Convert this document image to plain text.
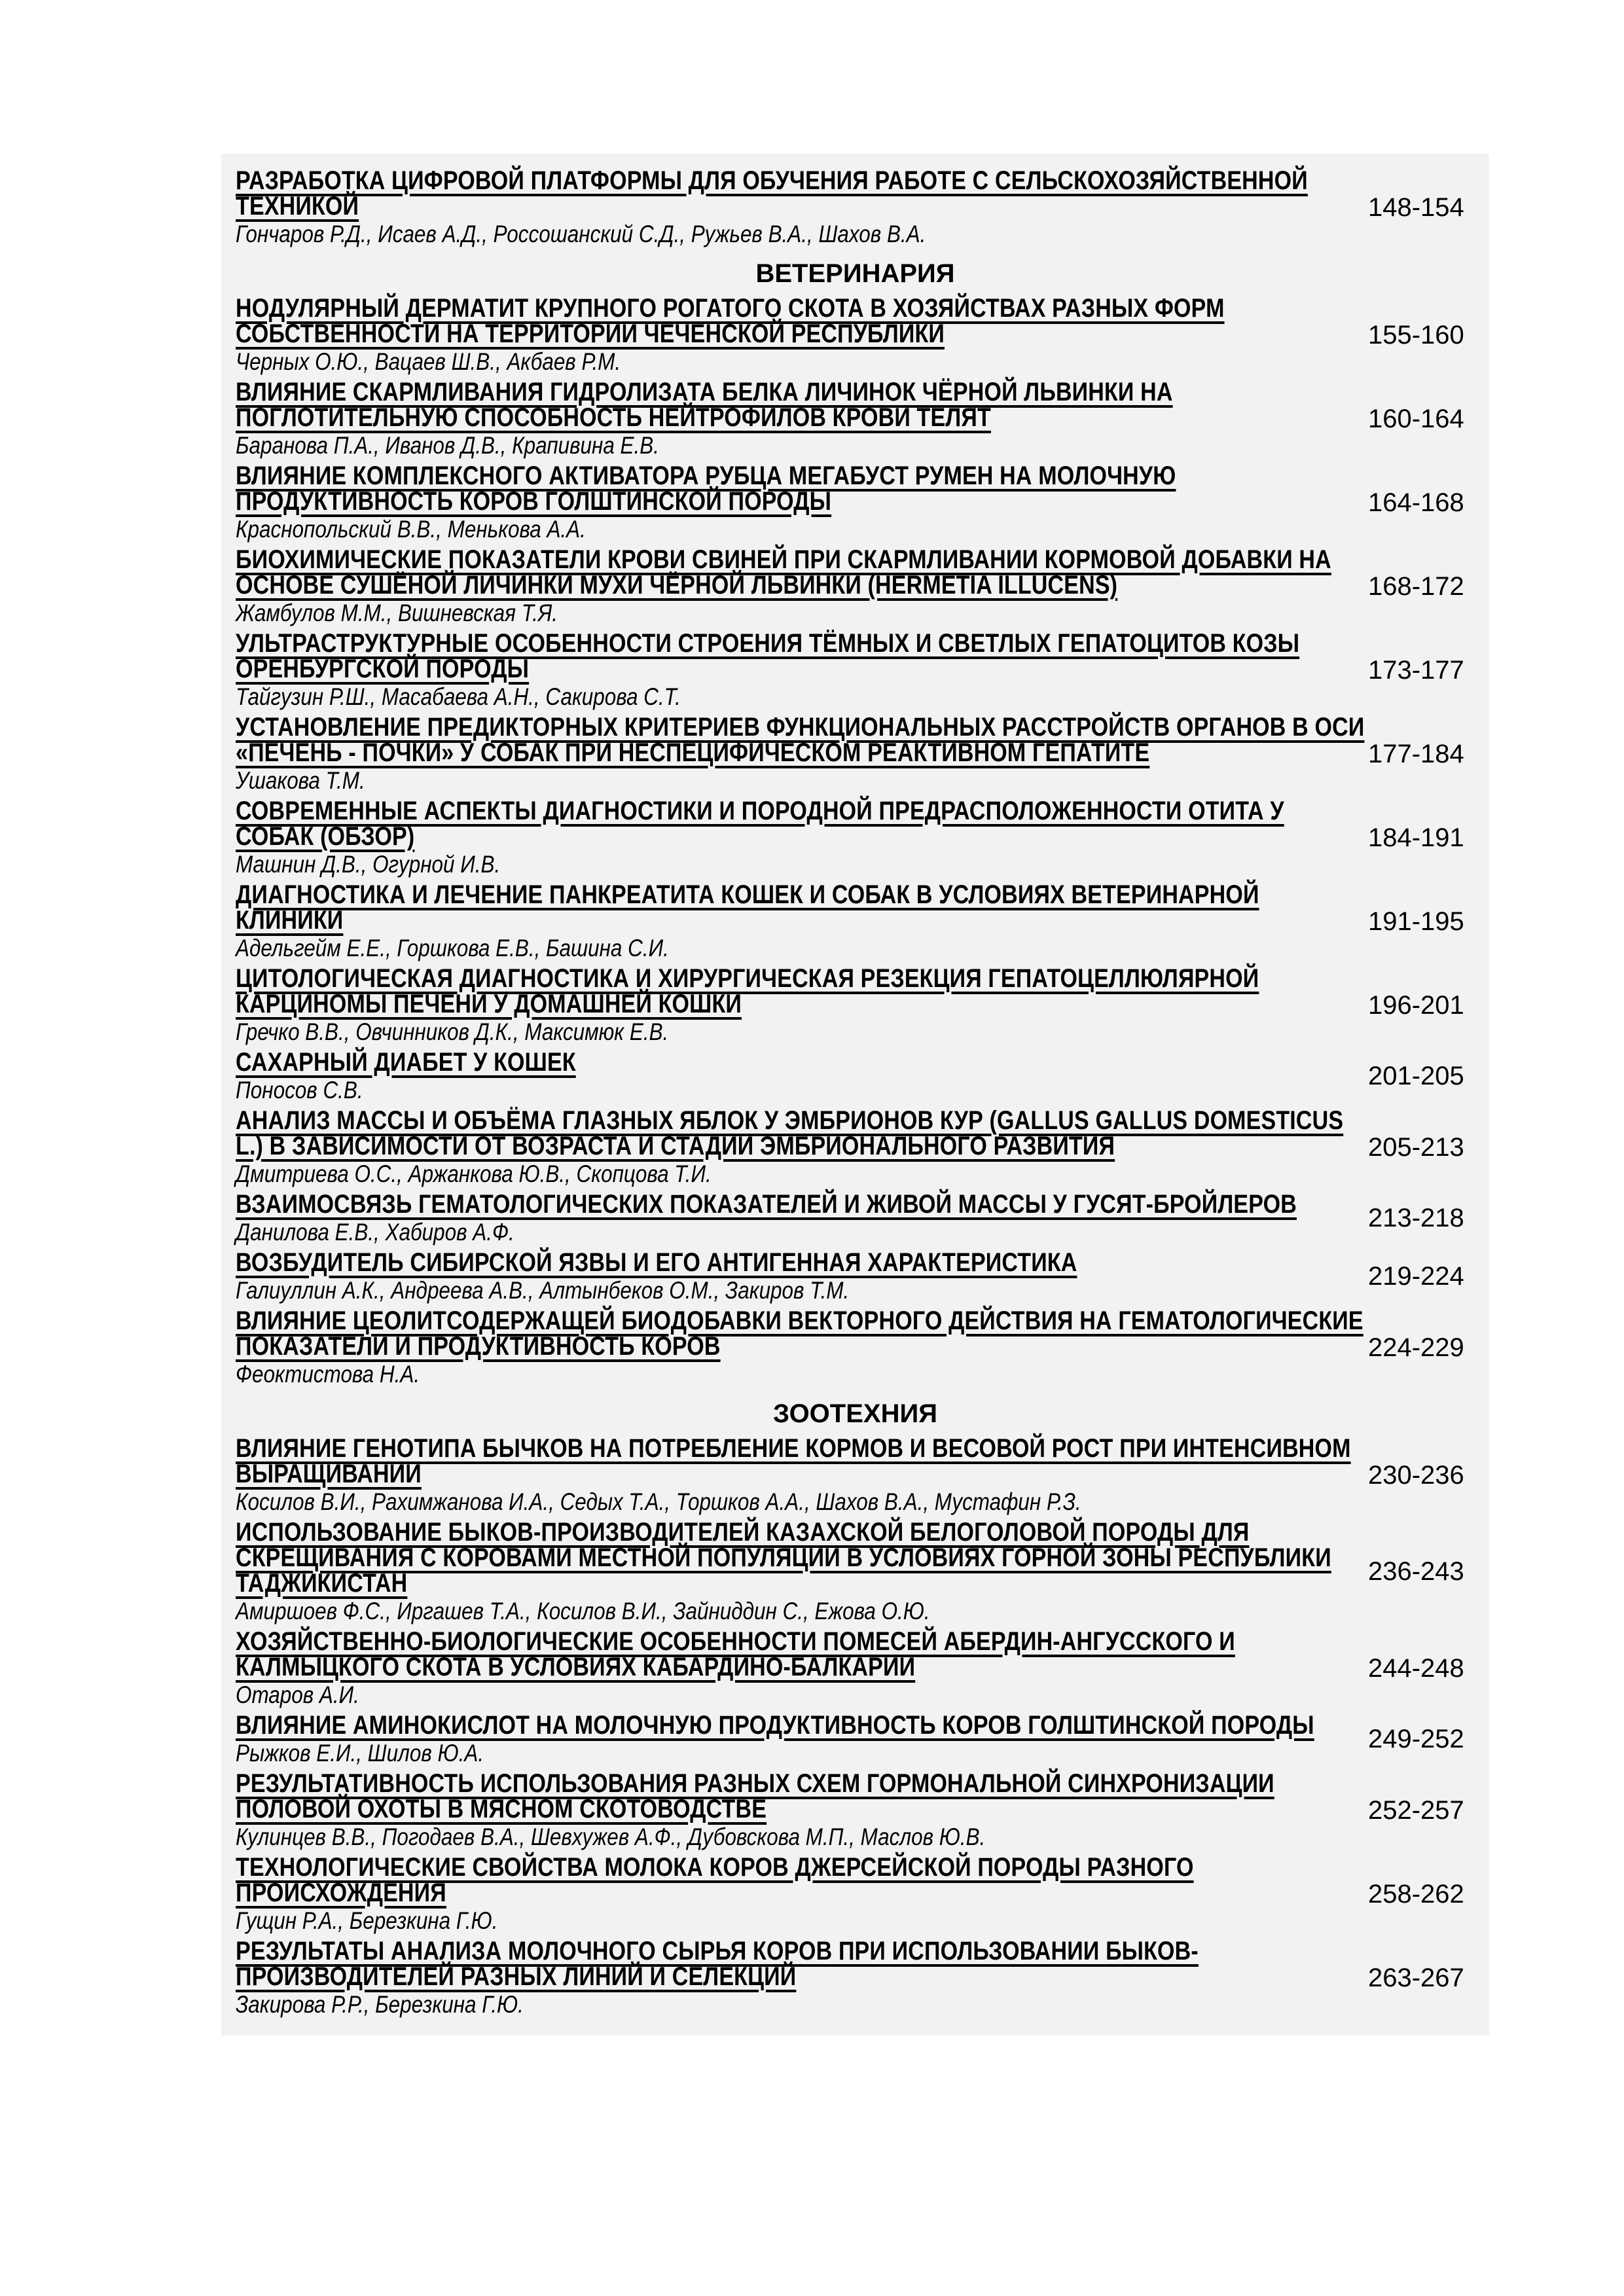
РАЗРАБОТКА ЦИФРОВОЙ ПЛАТФОРМЫ ДЛЯ ОБУЧЕНИЯ РАБОТЕ С СЕЛЬСКОХОЗЯЙСТВЕННОЙ ТЕХНИКОЙ
Гончаров Р.Д., Исаев А.Д., Россошанский С.Д., Ружьев В.А., Шахов В.А.
148-154
ВЕТЕРИНАРИЯ
НОДУЛЯРНЫЙ ДЕРМАТИТ КРУПНОГО РОГАТОГО СКОТА В ХОЗЯЙСТВАХ РАЗНЫХ ФОРМ СОБСТВЕННОСТИ НА ТЕРРИТОРИИ ЧЕЧЕНСКОЙ РЕСПУБЛИКИ
Черных О.Ю., Вацаев Ш.В., Акбаев Р.М.
155-160
ВЛИЯНИЕ СКАРМЛИВАНИЯ ГИДРОЛИЗАТА БЕЛКА ЛИЧИНОК ЧЁРНОЙ ЛЬВИНКИ НА ПОГЛОТИТЕЛЬНУЮ СПОСОБНОСТЬ НЕЙТРОФИЛОВ КРОВИ ТЕЛЯТ
Баранова П.А., Иванов Д.В., Крапивина Е.В.
160-164
ВЛИЯНИЕ КОМПЛЕКСНОГО АКТИВАТОРА РУБЦА МЕГАБУСТ РУМЕН НА МОЛОЧНУЮ ПРОДУКТИВНОСТЬ КОРОВ ГОЛШТИНСКОЙ ПОРОДЫ
Краснопольский В.В., Менькова А.А.
164-168
БИОХИМИЧЕСКИЕ ПОКАЗАТЕЛИ КРОВИ СВИНЕЙ ПРИ СКАРМЛИВАНИИ КОРМОВОЙ ДОБАВКИ НА ОСНОВЕ СУШЁНОЙ ЛИЧИНКИ МУХИ ЧЁРНОЙ ЛЬВИНКИ (HERMETIA ILLUCENS)
Жамбулов М.М., Вишневская Т.Я.
168-172
УЛЬТРАСТРУКТУРНЫЕ ОСОБЕННОСТИ СТРОЕНИЯ ТЁМНЫХ И СВЕТЛЫХ ГЕПАТОЦИТОВ КОЗЫ ОРЕНБУРГСКОЙ ПОРОДЫ
Тайгузин Р.Ш., Масабаева А.Н., Сакирова С.Т.
173-177
УСТАНОВЛЕНИЕ ПРЕДИКТОРНЫХ КРИТЕРИЕВ ФУНКЦИОНАЛЬНЫХ РАССТРОЙСТВ ОРГАНОВ В ОСИ «ПЕЧЕНЬ - ПОЧКИ» У СОБАК ПРИ НЕСПЕЦИФИЧЕСКОМ РЕАКТИВНОМ ГЕПАТИТЕ
Ушакова Т.М.
177-184
СОВРЕМЕННЫЕ АСПЕКТЫ ДИАГНОСТИКИ И ПОРОДНОЙ ПРЕДРАСПОЛОЖЕННОСТИ ОТИТА У СОБАК (ОБЗОР)
Машнин Д.В., Огурной И.В.
184-191
ДИАГНОСТИКА И ЛЕЧЕНИЕ ПАНКРЕАТИТА КОШЕК И СОБАК В УСЛОВИЯХ ВЕТЕРИНАРНОЙ КЛИНИКИ
Адельгейм Е.Е., Горшкова Е.В., Башина С.И.
191-195
ЦИТОЛОГИЧЕСКАЯ ДИАГНОСТИКА И ХИРУРГИЧЕСКАЯ РЕЗЕКЦИЯ ГЕПАТОЦЕЛЛЮЛЯРНОЙ КАРЦИНОМЫ ПЕЧЕНИ У ДОМАШНЕЙ КОШКИ
Гречко В.В., Овчинников Д.К., Максимюк Е.В.
196-201
САХАРНЫЙ ДИАБЕТ У КОШЕК
Поносов С.В.	201-205
АНАЛИЗ МАССЫ И ОБЪЁМА ГЛАЗНЫХ ЯБЛОК У ЭМБРИОНОВ КУР (GALLUS GALLUS DOMESTICUS L.) В ЗАВИСИМОСТИ ОТ ВОЗРАСТА И СТАДИИ ЭМБРИОНАЛЬНОГО РАЗВИТИЯ
Дмитриева О.С., Аржанкова Ю.В., Скопцова Т.И.
205-213
ВЗАИМОСВЯЗЬ ГЕМАТОЛОГИЧЕСКИХ ПОКАЗАТЕЛЕЙ И ЖИВОЙ МАССЫ У ГУСЯТ-БРОЙЛЕРОВ
Данилова Е.В., Хабиров А.Ф.	213-218
ВОЗБУДИТЕЛЬ СИБИРСКОЙ ЯЗВЫ И ЕГО АНТИГЕННАЯ ХАРАКТЕРИСТИКА
Галиуллин А.К., Андреева А.В., Алтынбеков О.М., Закиров Т.М.	219-224
ВЛИЯНИЕ ЦЕОЛИТСОДЕРЖАЩЕЙ БИОДОБАВКИ ВЕКТОРНОГО ДЕЙСТВИЯ НА ГЕМАТОЛОГИЧЕСКИЕ ПОКАЗАТЕЛИ И ПРОДУКТИВНОСТЬ КОРОВ
Феоктистова Н.А.
224-229
ЗООТЕХНИЯ
ВЛИЯНИЕ ГЕНОТИПА БЫЧКОВ НА ПОТРЕБЛЕНИЕ КОРМОВ И ВЕСОВОЙ РОСТ ПРИ ИНТЕНСИВНОМ ВЫРАЩИВАНИИ
Косилов В.И., Рахимжанова И.А., Седых Т.А., Торшков А.А., Шахов В.А., Мустафин Р.З.
230-236
ИСПОЛЬЗОВАНИЕ БЫКОВ-ПРОИЗВОДИТЕЛЕЙ КАЗАХСКОЙ БЕЛОГОЛОВОЙ ПОРОДЫ ДЛЯ СКРЕЩИВАНИЯ С КОРОВАМИ МЕСТНОЙ ПОПУЛЯЦИИ В УСЛОВИЯХ ГОРНОЙ ЗОНЫ РЕСПУБЛИКИ ТАДЖИКИСТАН
Амиршоев Ф.С., Иргашев Т.А., Косилов В.И., Зайниддин С., Ежова О.Ю.
236-243
ХОЗЯЙСТВЕННО-БИОЛОГИЧЕСКИЕ ОСОБЕННОСТИ ПОМЕСЕЙ АБЕРДИН-АНГУССКОГО И КАЛМЫЦКОГО СКОТА В УСЛОВИЯХ КАБАРДИНО-БАЛКАРИИ
Отаров А.И.
244-248
ВЛИЯНИЕ АМИНОКИСЛОТ НА МОЛОЧНУЮ ПРОДУКТИВНОСТЬ КОРОВ ГОЛШТИНСКОЙ ПОРОДЫ
Рыжков Е.И., Шилов Ю.А.	249-252
РЕЗУЛЬТАТИВНОСТЬ ИСПОЛЬЗОВАНИЯ РАЗНЫХ СХЕМ ГОРМОНАЛЬНОЙ СИНХРОНИЗАЦИИ ПОЛОВОЙ ОХОТЫ В МЯСНОМ СКОТОВОДСТВЕ
Кулинцев В.В., Погодаев В.А., Шевхужев А.Ф., Дубовскова М.П., Маслов Ю.В.
252-257
ТЕХНОЛОГИЧЕСКИЕ СВОЙСТВА МОЛОКА КОРОВ ДЖЕРСЕЙСКОЙ ПОРОДЫ РАЗНОГО ПРОИСХОЖДЕНИЯ
Гущин Р.А., Березкина Г.Ю.
258-262
РЕЗУЛЬТАТЫ АНАЛИЗА МОЛОЧНОГО СЫРЬЯ КОРОВ ПРИ ИСПОЛЬЗОВАНИИ БЫКОВ-ПРОИЗВОДИТЕЛЕЙ РАЗНЫХ ЛИНИЙ И СЕЛЕКЦИЙ
Закирова Р.Р., Березкина Г.Ю.
263-267
